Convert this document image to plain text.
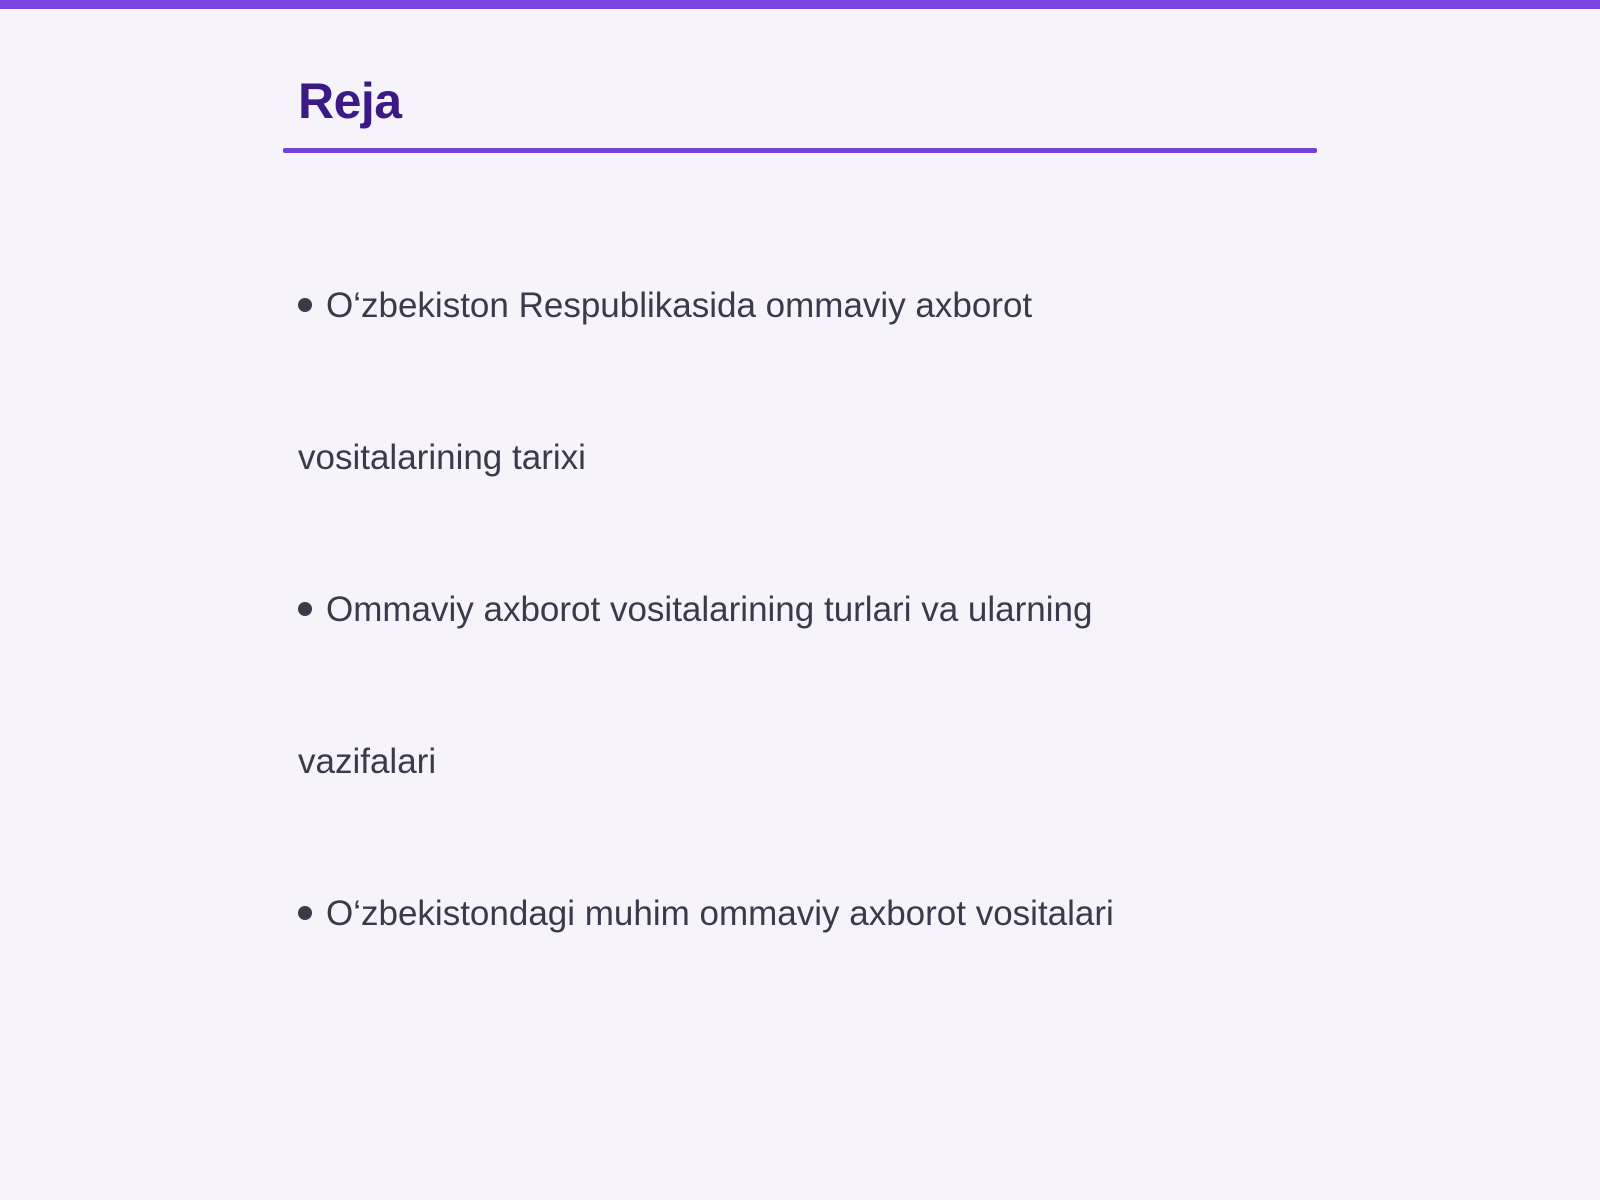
Reja

O‘zbekiston Respublikasida ommaviy axborot

vositalarining tarixi

Ommaviy axborot vositalarining turlari va ularning

vazifalari

O‘zbekistondagi muhim ommaviy axborot vositalari
